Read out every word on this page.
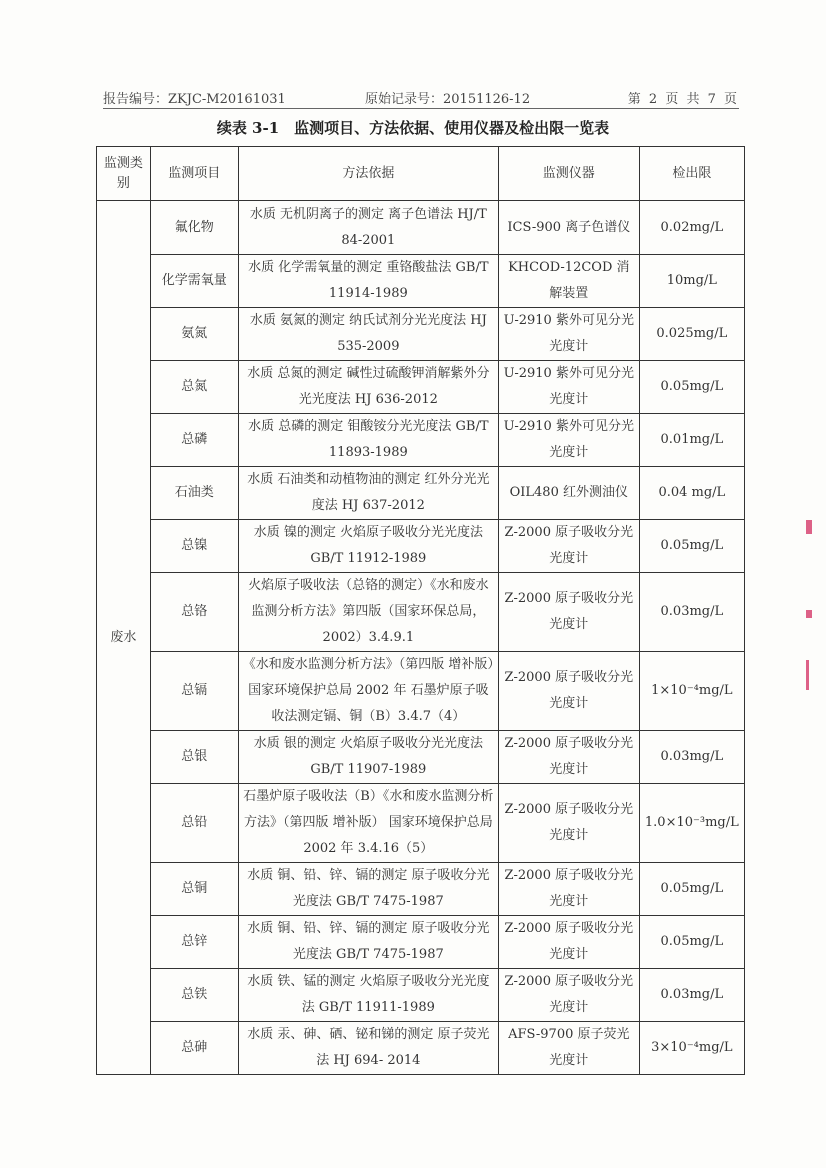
报告编号：ZKJC-M20161031	原始记录号：20151126-12	第 2 页 共 7 页
续表 3-1　监测项目、方法依据、使用仪器及检出限一览表
监测类别	监测项目	方法依据	监测仪器	检出限
废水	氟化物	水质 无机阴离子的测定 离子色谱法 HJ/T 84-2001	ICS-900 离子色谱仪	0.02mg/L
	化学需氧量	水质 化学需氧量的测定 重铬酸盐法 GB/T 11914-1989	KHCOD-12COD 消解装置	10mg/L
	氨氮	水质 氨氮的测定 纳氏试剂分光光度法 HJ 535-2009	U-2910 紫外可见分光光度计	0.025mg/L
	总氮	水质 总氮的测定 碱性过硫酸钾消解紫外分光光度法 HJ 636-2012	U-2910 紫外可见分光光度计	0.05mg/L
	总磷	水质 总磷的测定 钼酸铵分光光度法 GB/T 11893-1989	U-2910 紫外可见分光光度计	0.01mg/L
	石油类	水质 石油类和动植物油的测定 红外分光光度法 HJ 637-2012	OIL480 红外测油仪	0.04 mg/L
	总镍	水质 镍的测定 火焰原子吸收分光光度法 GB/T 11912-1989	Z-2000 原子吸收分光光度计	0.05mg/L
	总铬	火焰原子吸收法（总铬的测定）《水和废水监测分析方法》第四版（国家环保总局，2002）3.4.9.1	Z-2000 原子吸收分光光度计	0.03mg/L
	总镉	《水和废水监测分析方法》（第四版 增补版）国家环境保护总局 2002 年 石墨炉原子吸收法测定镉、铜（B）3.4.7（4）	Z-2000 原子吸收分光光度计	1×10⁻⁴mg/L
	总银	水质 银的测定 火焰原子吸收分光光度法 GB/T 11907-1989	Z-2000 原子吸收分光光度计	0.03mg/L
	总铅	石墨炉原子吸收法（B）《水和废水监测分析方法》（第四版 增补版） 国家环境保护总局 2002 年 3.4.16（5）	Z-2000 原子吸收分光光度计	1.0×10⁻³mg/L
	总铜	水质 铜、铅、锌、镉的测定 原子吸收分光光度法 GB/T 7475-1987	Z-2000 原子吸收分光光度计	0.05mg/L
	总锌	水质 铜、铅、锌、镉的测定 原子吸收分光光度法 GB/T 7475-1987	Z-2000 原子吸收分光光度计	0.05mg/L
	总铁	水质 铁、锰的测定 火焰原子吸收分光光度法 GB/T 11911-1989	Z-2000 原子吸收分光光度计	0.03mg/L
	总砷	水质 汞、砷、硒、铋和锑的测定 原子荧光法 HJ 694- 2014	AFS-9700 原子荧光光度计	3×10⁻⁴mg/L
